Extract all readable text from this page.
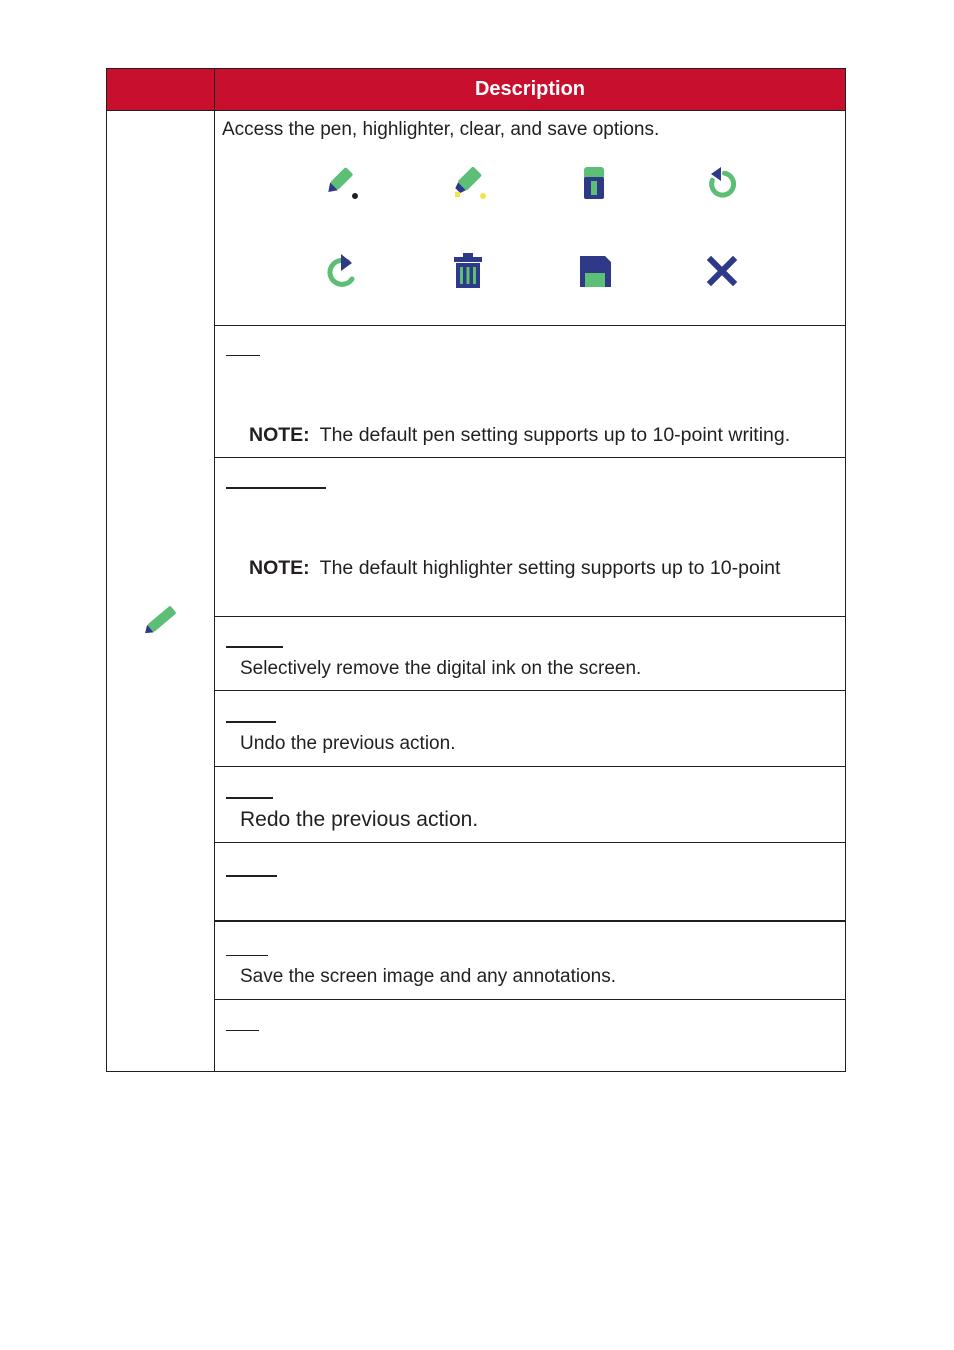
Description
Access the pen, highlighter, clear, and save options.
NOTE: The default pen setting supports up to 10-point writing.
NOTE: The default highlighter setting supports up to 10-point
Selectively remove the digital ink on the screen.
Undo the previous action.
Redo the previous action.
Save the screen image and any annotations.
